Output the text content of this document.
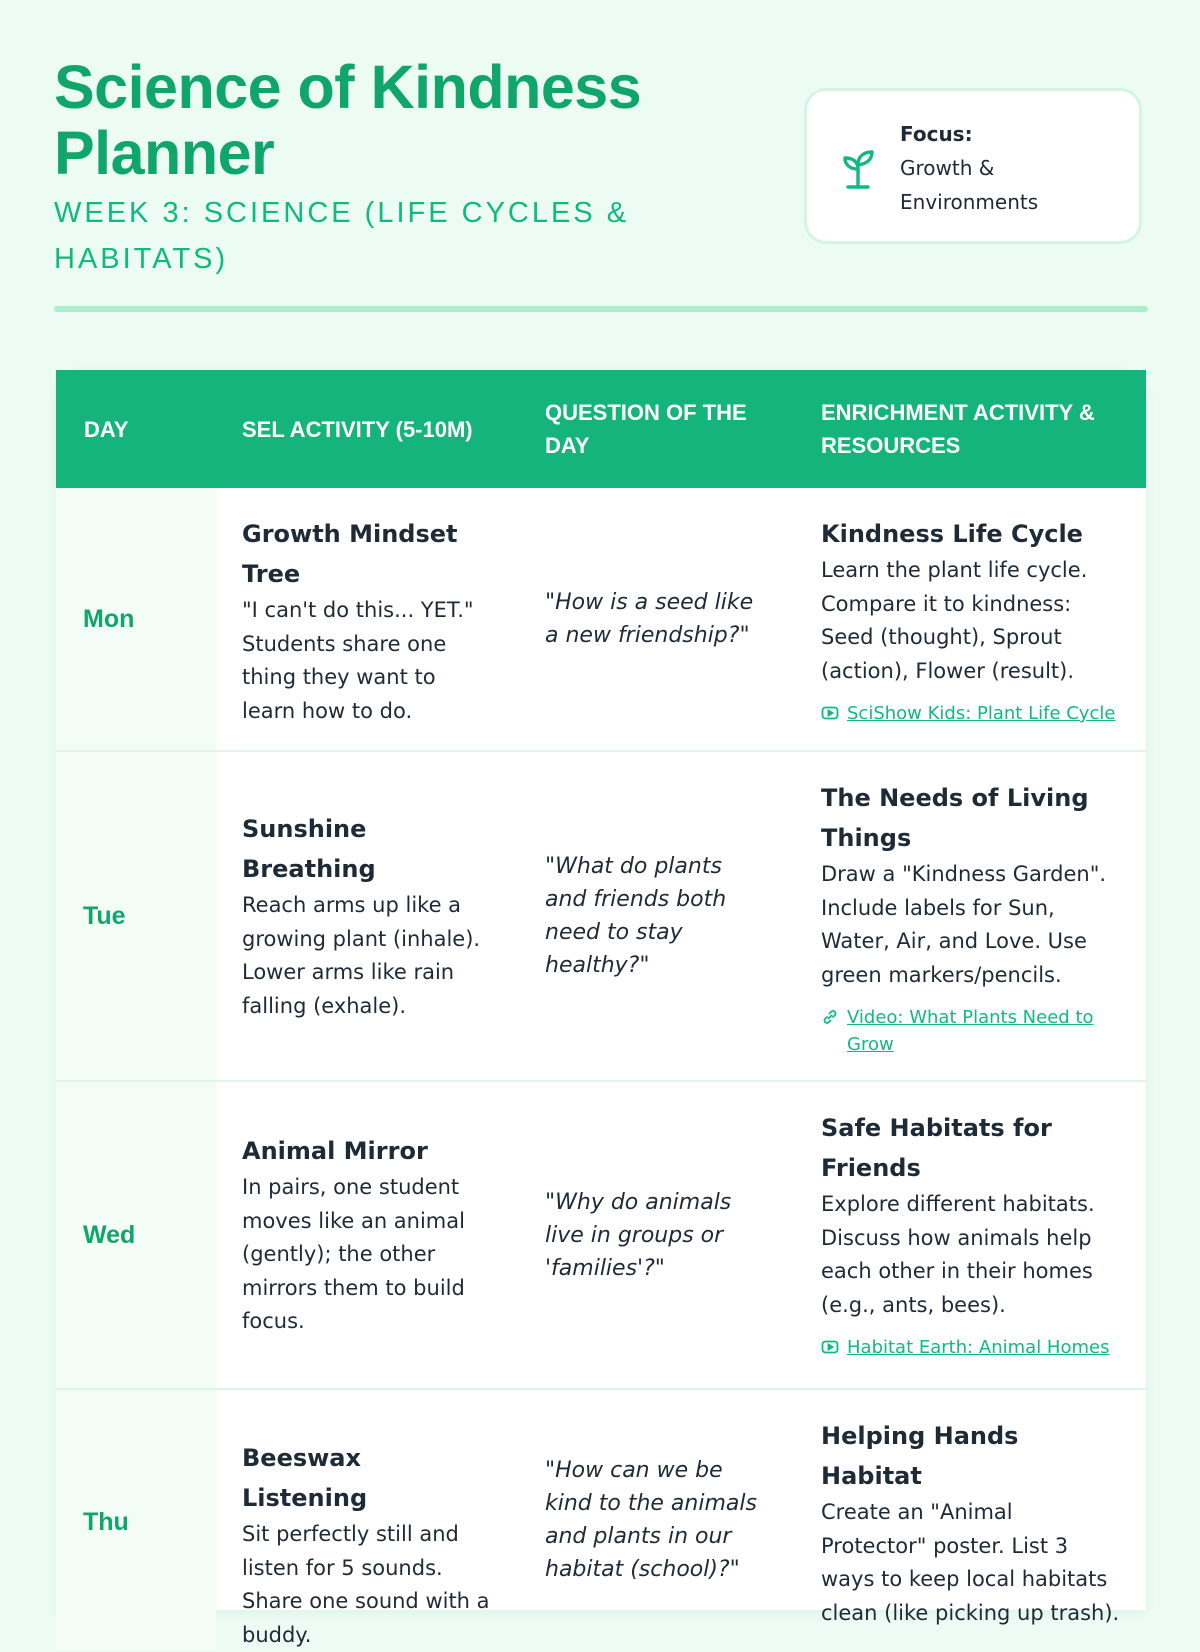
Science of Kindness Planner
WEEK 3: SCIENCE (LIFE CYCLES & HABITATS)
Focus:
Growth & Environments
DAY	SEL ACTIVITY (5-10M)
QUESTION OF THE DAY
ENRICHMENT ACTIVITY & RESOURCES
Mon
Growth Mindset Tree
"I can't do this... YET." Students share one thing they want to learn how to do.
"How is a seed like a new friendship?"
Kindness Life Cycle
Learn the plant life cycle. Compare it to kindness: Seed (thought), Sprout (action), Flower (result).
SciShow Kids: Plant Life Cycle
Tue
Sunshine Breathing
Reach arms up like a growing plant (inhale). Lower arms like rain falling (exhale).
"What do plants and friends both need to stay healthy?"
The Needs of Living Things
Draw a "Kindness Garden". Include labels for Sun, Water, Air, and Love. Use green markers/pencils.
Video: What Plants Need to Grow
Wed
Animal Mirror
In pairs, one student moves like an animal (gently); the other mirrors them to build focus.
"Why do animals live in groups or 'families'?"
Safe Habitats for Friends
Explore different habitats. Discuss how animals help each other in their homes (e.g., ants, bees).
Habitat Earth: Animal Homes
Thu
Beeswax Listening
Sit perfectly still and listen for 5 sounds. Share one sound with a buddy.
"How can we be kind to the animals and plants in our habitat (school)?"
Helping Hands Habitat
Create an "Animal Protector" poster. List 3 ways to keep local habitats clean (like picking up trash).
